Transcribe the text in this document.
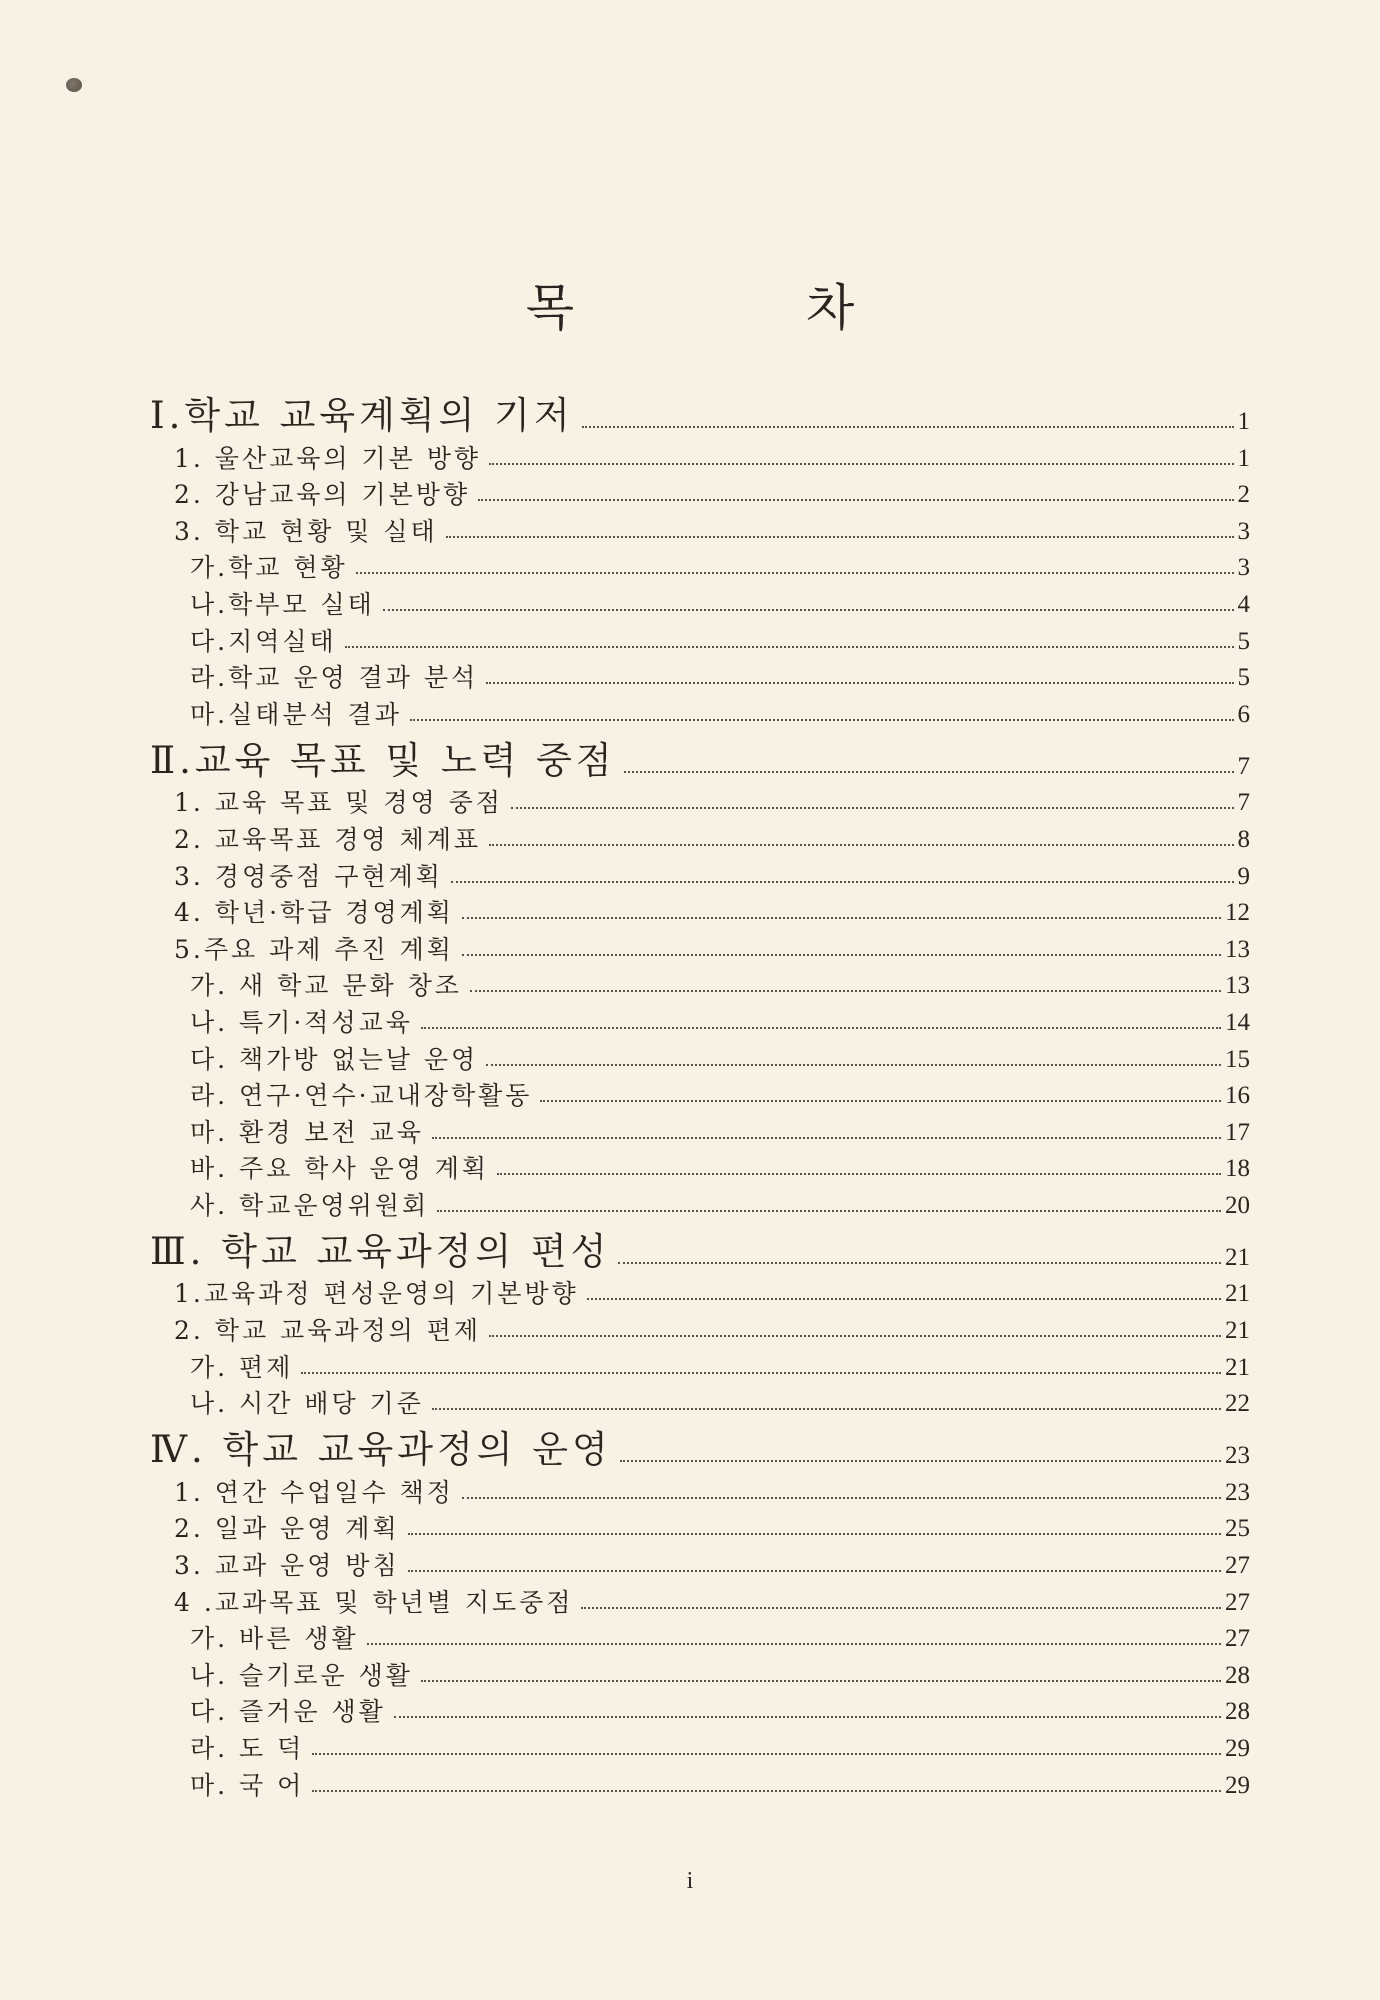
목 차
Ⅰ.학교 교육계획의 기저	1
1. 울산교육의 기본 방향	1
2. 강남교육의 기본방향	2
3. 학교 현황 및 실태	3
가.학교 현황	3
나.학부모 실태	4
다.지역실태	5
라.학교 운영 결과 분석	5
마.실태분석 결과	6
Ⅱ.교육 목표 및 노력 중점	7
1. 교육 목표 및 경영 중점	7
2. 교육목표 경영 체계표	8
3. 경영중점 구현계획	9
4. 학년·학급 경영계획	12
5.주요 과제 추진 계획	13
가. 새 학교 문화 창조	13
나. 특기·적성교육	14
다. 책가방 없는날 운영	15
라. 연구·연수·교내장학활동	16
마. 환경 보전 교육	17
바. 주요 학사 운영 계획	18
사. 학교운영위원회	20
Ⅲ. 학교 교육과정의 편성	21
1.교육과정 편성운영의 기본방향	21
2. 학교 교육과정의 편제	21
가. 편제	21
나. 시간 배당 기준	22
Ⅳ. 학교 교육과정의 운영	23
1. 연간 수업일수 책정	23
2. 일과 운영 계획	25
3. 교과 운영 방침	27
4 .교과목표 및 학년별 지도중점	27
가. 바른 생활	27
나. 슬기로운 생활	28
다. 즐거운 생활	28
라. 도 덕	29
마. 국 어	29
i
